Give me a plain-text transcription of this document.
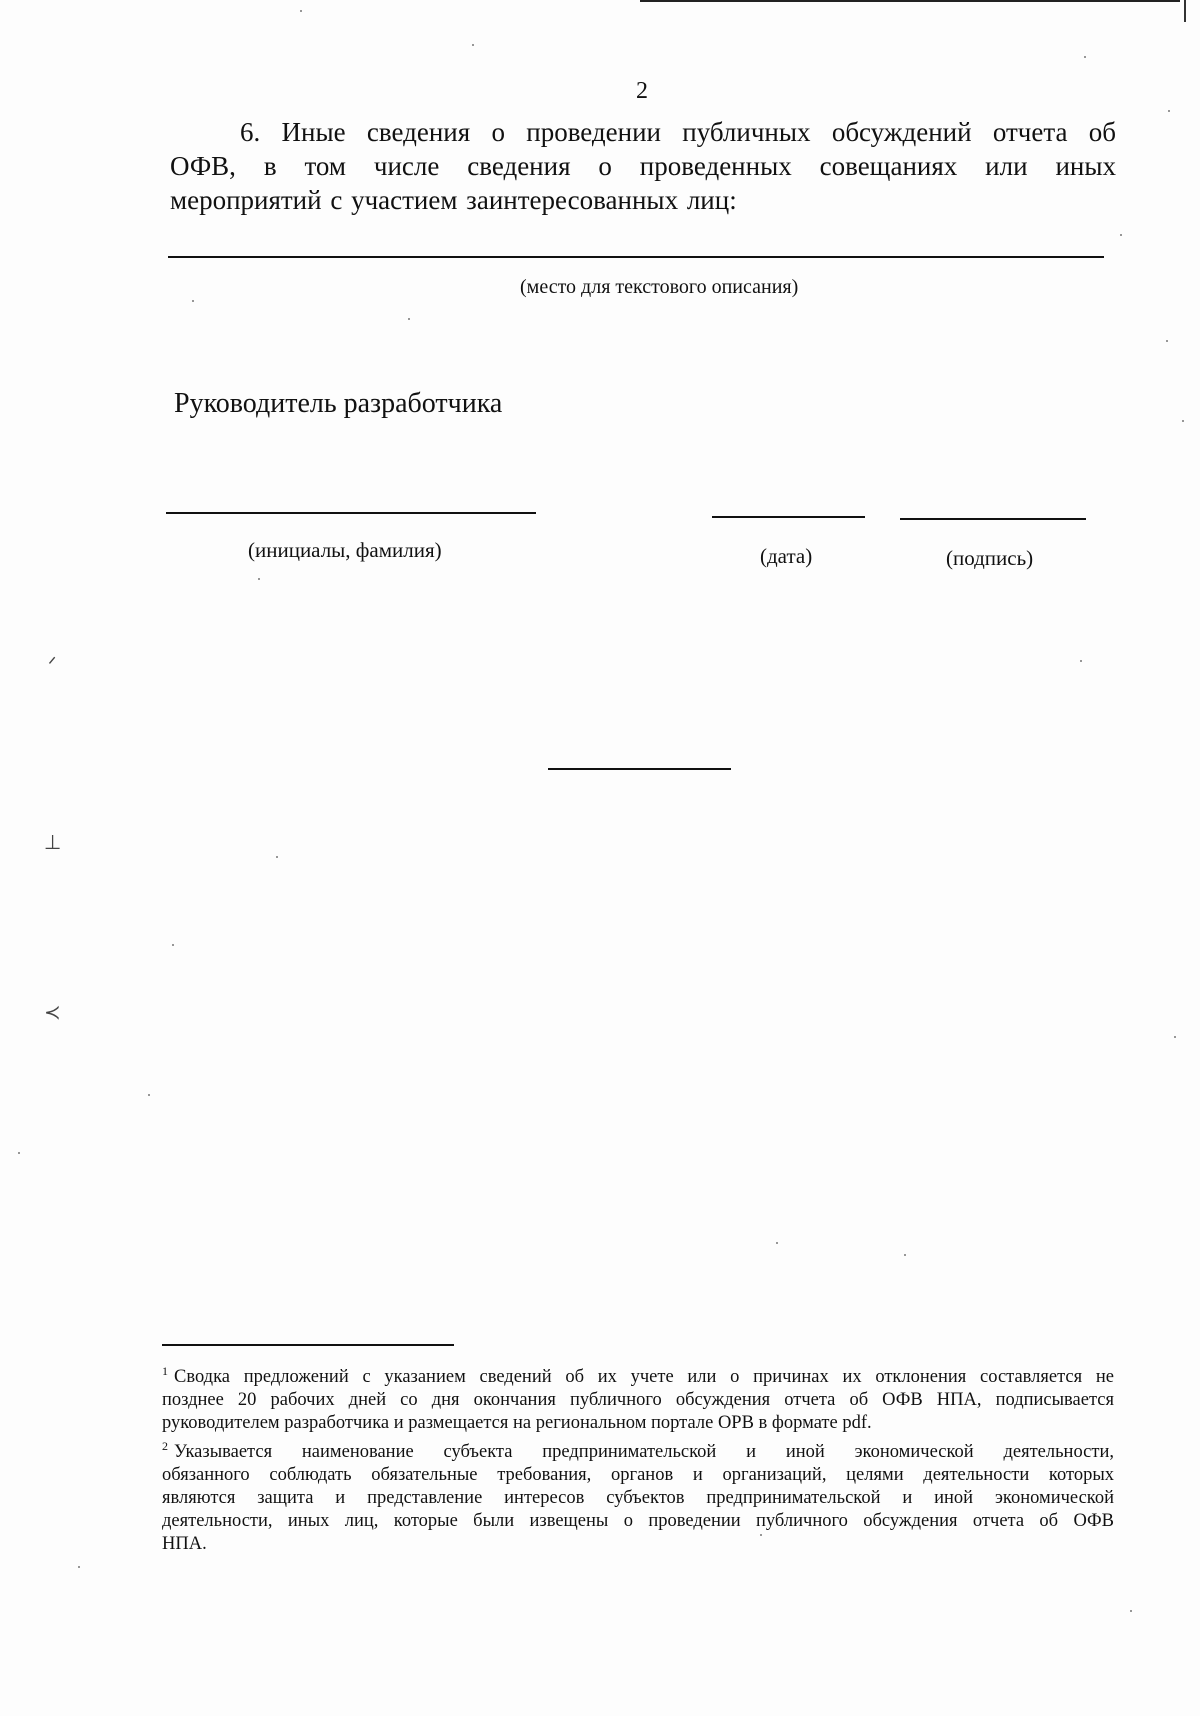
2
6. Иные сведения о проведении публичных обсуждений отчета об
ОФВ, в том числе сведения о проведенных совещаниях или иных
мероприятий с участием заинтересованных лиц:
(место для текстового описания)
Руководитель разработчика
(инициалы, фамилия)	(дата)	(подпись)
$^1$ Сводка предложений с указанием сведений об их учете или о причинах их отклонения составляется не
позднее 20 рабочих дней со дня окончания публичного обсуждения отчета об ОФВ НПА, подписывается
руководителем разработчика и размещается на региональном портале ОРВ в формате pdf.
$^2$ Указывается наименование субъекта предпринимательской и иной экономической деятельности,
обязанного соблюдать обязательные требования, органов и организаций, целями деятельности которых
являются защита и представление интересов субъектов предпринимательской и иной экономической
деятельности, иных лиц, которые были извещены о проведении публичного обсуждения отчета об ОФВ
НПА.
ᐟ
⊥
≺
